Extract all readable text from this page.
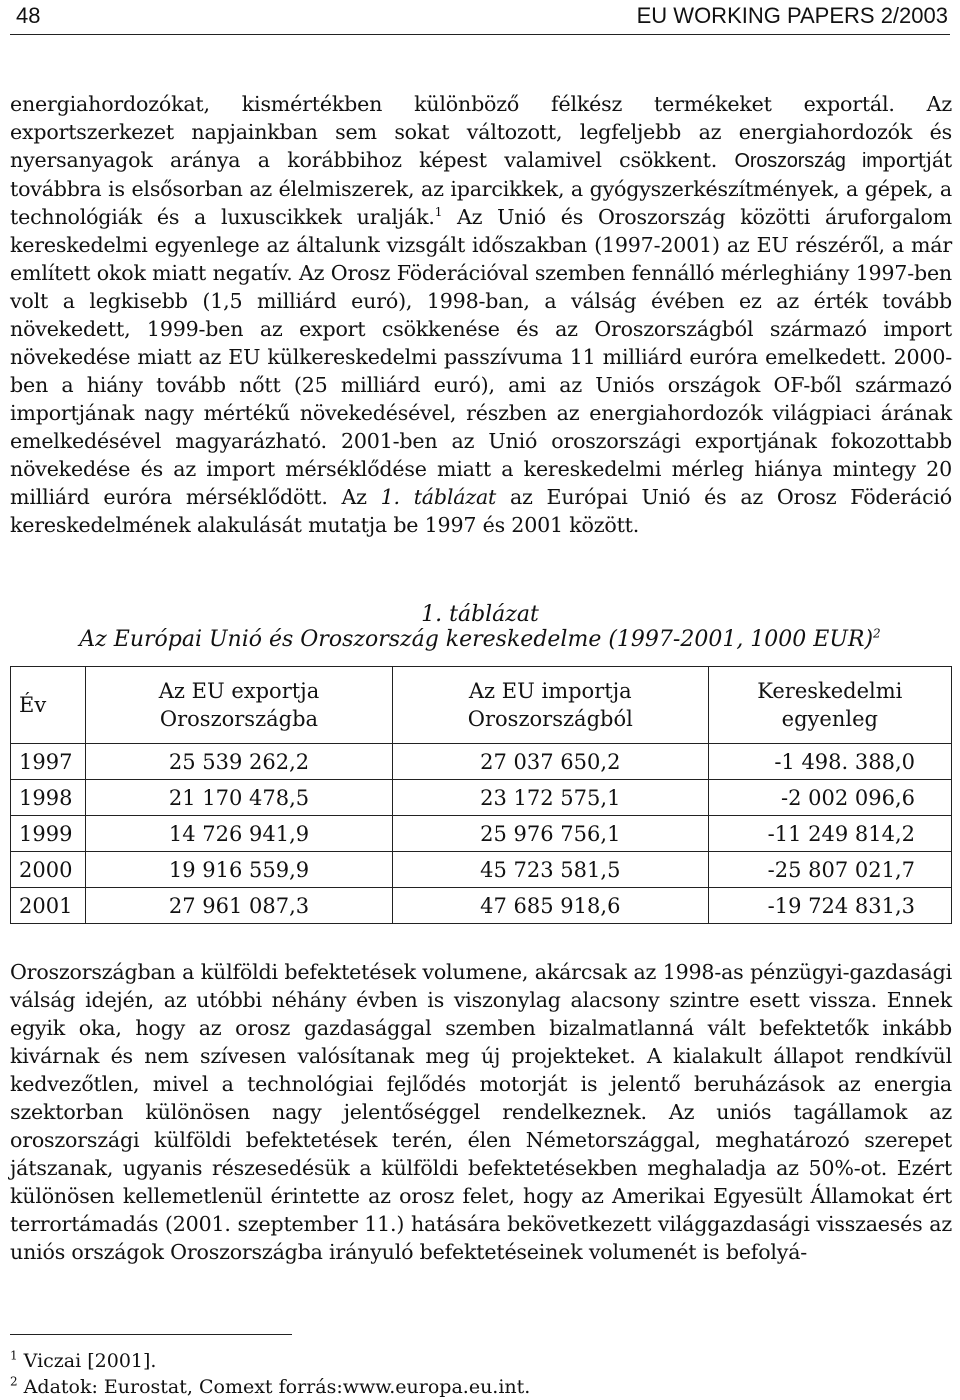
48	EU WORKING PAPERS 2/2003
energiahordozókat, kismértékben különböző félkész termékeket exportál. Az exportszerkezet napjainkban sem sokat változott, legfeljebb az energiahordozók és nyersanyagok aránya a korábbihoz képest valamivel csökkent. Oroszország importját továbbra is elsősorban az élelmiszerek, az iparcikkek, a gyógyszerkészítmények, a gépek, a technológiák és a luxuscikkek uralják.$^1$ Az Unió és Oroszország közötti áruforgalom kereskedelmi egyenlege az általunk vizsgált időszakban (1997-2001) az EU részéről, a már említett okok miatt negatív. Az Orosz Föderációval szemben fennálló mérleghiány 1997-ben volt a legkisebb (1,5 milliárd euró), 1998-ban, a válság évében ez az érték tovább növekedett, 1999-ben az export csökkenése és az Oroszországból származó import növekedése miatt az EU külkereskedelmi passzívuma 11 milliárd euróra emelkedett. 2000-ben a hiány tovább nőtt (25 milliárd euró), ami az Uniós országok OF-ből származó importjának nagy mértékű növekedésével, részben az energiahordozók világpiaci árának emelkedésével magyarázható. 2001-ben az Unió oroszországi exportjának fokozottabb növekedése és az import mérséklődése miatt a kereskedelmi mérleg hiánya mintegy 20 milliárd euróra mérséklődött. Az 1. táblázat az Európai Unió és az Orosz Föderáció kereskedelmének alakulását mutatja be 1997 és 2001 között.
1. táblázat
Az Európai Unió és Oroszország kereskedelme (1997-2001, 1000 EUR)$^2$
Év	Az EU exportja Oroszországba	Az EU importja Oroszországból	Kereskedelmi egyenleg
1997	25 539 262,2	27 037 650,2	-1 498. 388,0
1998	21 170 478,5	23 172 575,1	-2 002 096,6
1999	14 726 941,9	25 976 756,1	-11 249 814,2
2000	19 916 559,9	45 723 581,5	-25 807 021,7
2001	27 961 087,3	47 685 918,6	-19 724 831,3
Oroszországban a külföldi befektetések volumene, akárcsak az 1998-as pénzügyi-gazdasági válság idején, az utóbbi néhány évben is viszonylag alacsony szintre esett vissza. Ennek egyik oka, hogy az orosz gazdasággal szemben bizalmatlanná vált befektetők inkább kivárnak és nem szívesen valósítanak meg új projekteket. A kialakult állapot rendkívül kedvezőtlen, mivel a technológiai fejlődés motorját is jelentő beruházások az energia szektorban különösen nagy jelentőséggel rendelkeznek. Az uniós tagállamok az oroszországi külföldi befektetések terén, élen Németországgal, meghatározó szerepet játszanak, ugyanis részesedésük a külföldi befektetésekben meghaladja az 50%-ot. Ezért különösen kellemetlenül érintette az orosz felet, hogy az Amerikai Egyesült Államokat ért terrortámadás (2001. szeptember 11.) hatására bekövetkezett világgazdasági visszaesés az uniós országok Oroszországba irányuló befektetéseinek volumenét is befolyá-
$^1$ Viczai [2001].
$^2$ Adatok: Eurostat, Comext forrás:www.europa.eu.int.
